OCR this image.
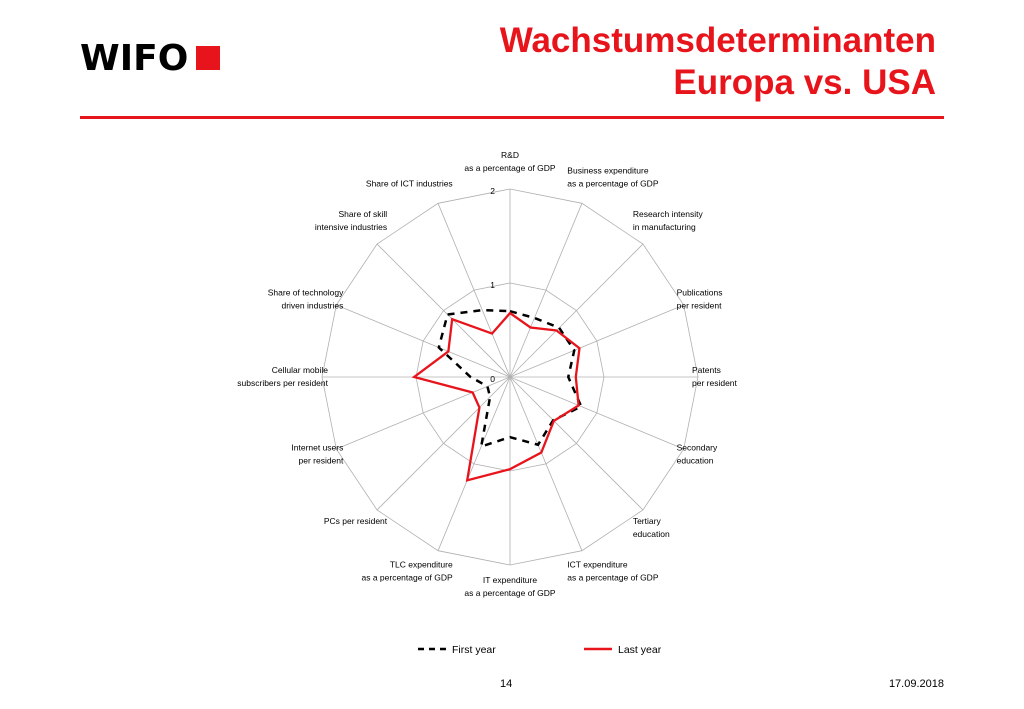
WIFO	Wachstumsdeterminanten
Europa vs. USA
0
1
2
R&D
as a percentage of GDP Business expenditure
as a percentage of GDP
Research intensity
in manufacturing
Publications
per resident
Patents
per resident
Secondary
education
Tertiary
education
ICT expenditure
as a percentage of GDP
IT expenditure
as a percentage of GDP
TLC expenditure
as a percentage of GDP
PCs per resident
Internet users
per resident
Cellular mobile
subscribers per resident
Share of technology
driven industries
Share of skill
intensive industries
Share of ICT industries
First year	Last year
14	17.09.2018
